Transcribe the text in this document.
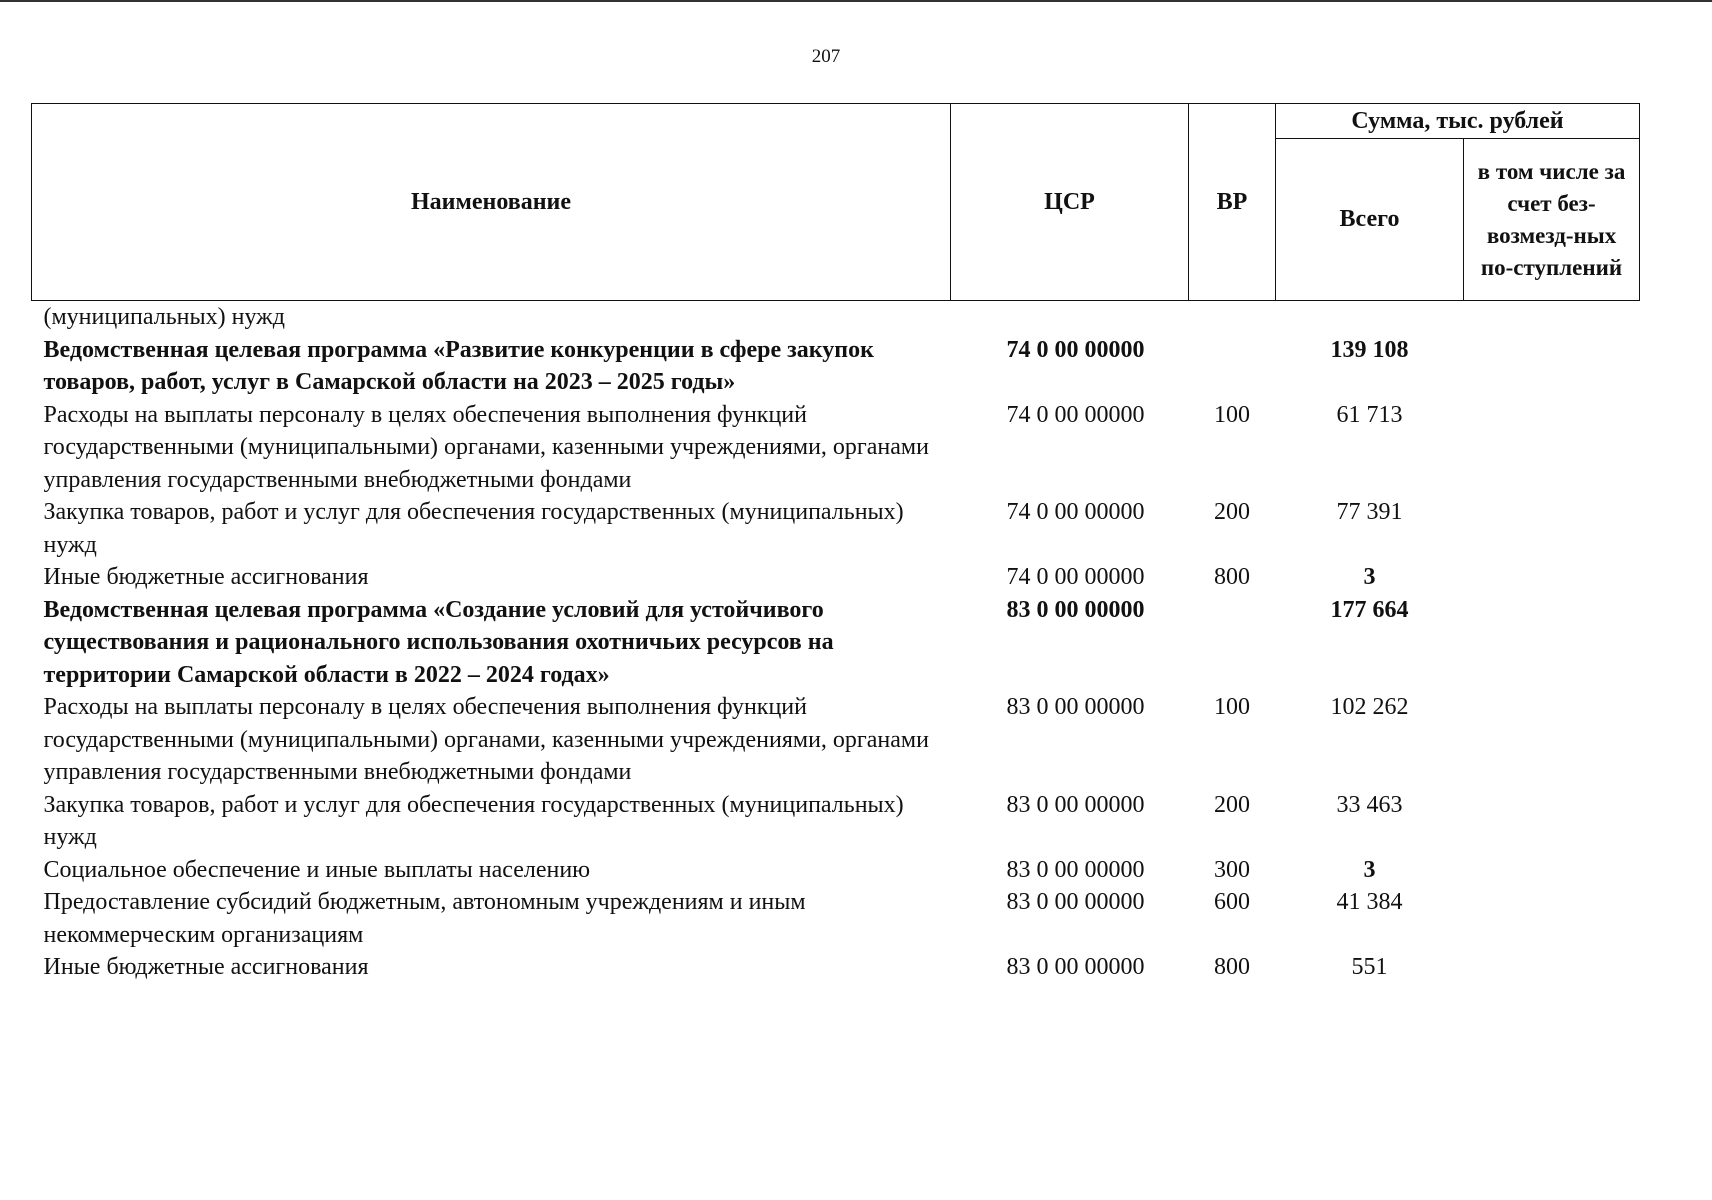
207
Наименование	ЦСР	ВР	Сумма, тыс. рублей	
			Всего	в том числе за счет без-возмезд-ных по-ступлений
(муниципальных) нужд				
Ведомственная целевая программа «Развитие конкуренции в сфере закупок товаров, работ, услуг в Самарской области на 2023 – 2025 годы»	74 0 00 00000		139 108	
Расходы на выплаты персоналу в целях обеспечения выполнения функций государственными (муниципальными) органами, казенными учреждениями, органами управления государственными внебюджетными фондами	74 0 00 00000	100	61 713	
Закупка товаров, работ и услуг для обеспечения государственных (муниципальных) нужд	74 0 00 00000	200	77 391	
Иные бюджетные ассигнования	74 0 00 00000	800	3	
Ведомственная целевая программа «Создание условий для устойчивого существования и рационального использования охотничьих ресурсов на территории Самарской области в 2022 – 2024 годах»	83 0 00 00000		177 664	
Расходы на выплаты персоналу в целях обеспечения выполнения функций государственными (муниципальными) органами, казенными учреждениями, органами управления государственными внебюджетными фондами	83 0 00 00000	100	102 262	
Закупка товаров, работ и услуг для обеспечения государственных (муниципальных) нужд	83 0 00 00000	200	33 463	
Социальное обеспечение и иные выплаты населению	83 0 00 00000	300	3	
Предоставление субсидий бюджетным, автономным учреждениям и иным некоммерческим организациям	83 0 00 00000	600	41 384	
Иные бюджетные ассигнования	83 0 00 00000	800	551	
